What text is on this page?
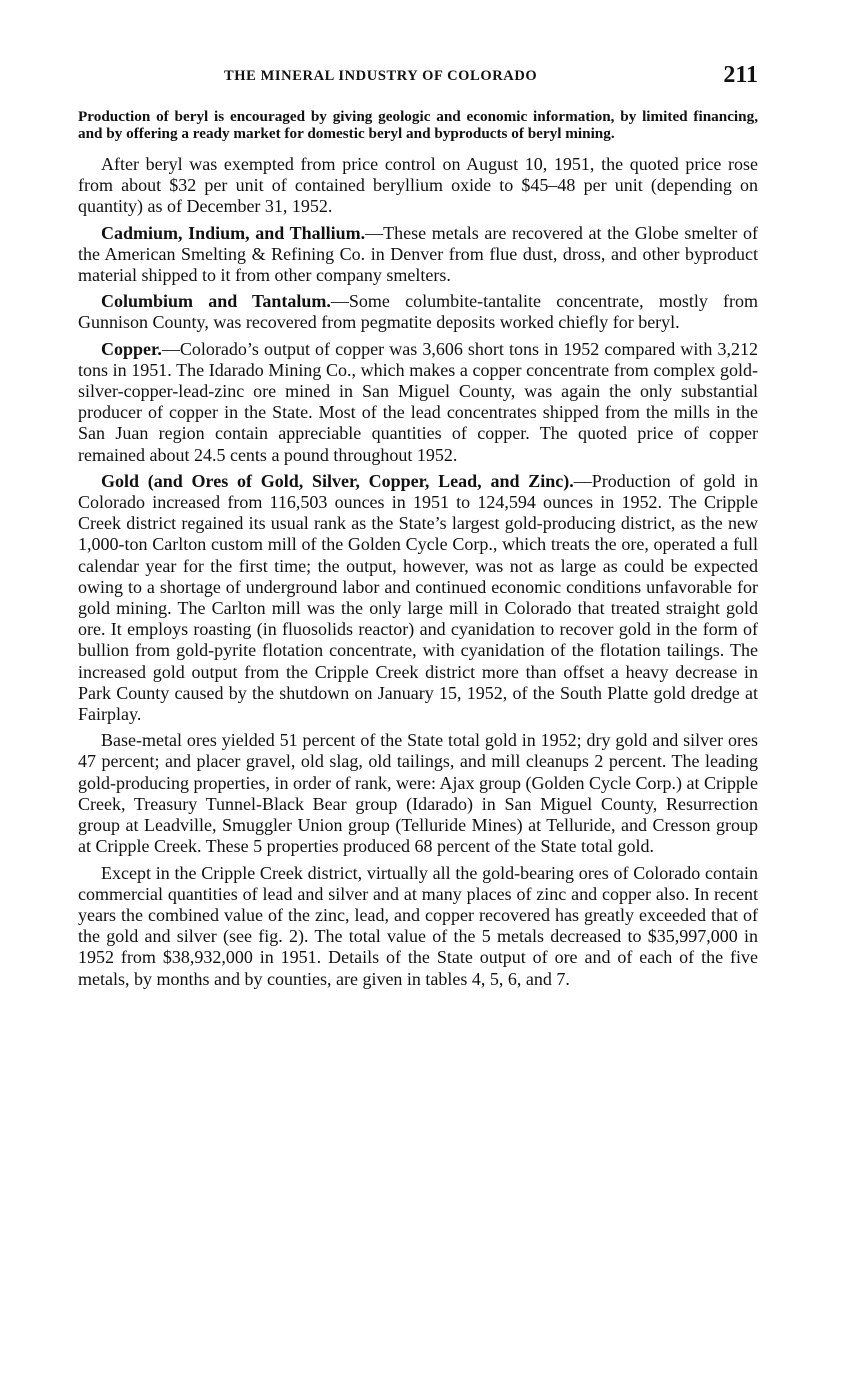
THE MINERAL INDUSTRY OF COLORADO	211

Production of beryl is encouraged by giving geologic and economic information, by limited financing, and by offering a ready market for domestic beryl and byproducts of beryl mining.

After beryl was exempted from price control on August 10, 1951, the quoted price rose from about $32 per unit of contained beryllium oxide to $45–48 per unit (depending on quantity) as of December 31, 1952.

Cadmium, Indium, and Thallium.—These metals are recovered at the Globe smelter of the American Smelting & Refining Co. in Denver from flue dust, dross, and other byproduct material shipped to it from other company smelters.

Columbium and Tantalum.—Some columbite-tantalite concentrate, mostly from Gunnison County, was recovered from pegmatite deposits worked chiefly for beryl.

Copper.—Colorado’s output of copper was 3,606 short tons in 1952 compared with 3,212 tons in 1951. The Idarado Mining Co., which makes a copper concentrate from complex gold-silver-copper-lead-zinc ore mined in San Miguel County, was again the only substantial producer of copper in the State. Most of the lead concentrates shipped from the mills in the San Juan region contain appreciable quantities of copper. The quoted price of copper remained about 24.5 cents a pound throughout 1952.

Gold (and Ores of Gold, Silver, Copper, Lead, and Zinc).—Production of gold in Colorado increased from 116,503 ounces in 1951 to 124,594 ounces in 1952. The Cripple Creek district regained its usual rank as the State’s largest gold-producing district, as the new 1,000-ton Carlton custom mill of the Golden Cycle Corp., which treats the ore, operated a full calendar year for the first time; the output, however, was not as large as could be expected owing to a shortage of underground labor and continued economic conditions unfavorable for gold mining. The Carlton mill was the only large mill in Colorado that treated straight gold ore. It employs roasting (in fluosolids reactor) and cyanidation to recover gold in the form of bullion from gold-pyrite flotation concentrate, with cyanidation of the flotation tailings. The increased gold output from the Cripple Creek district more than offset a heavy decrease in Park County caused by the shutdown on January 15, 1952, of the South Platte gold dredge at Fairplay.

Base-metal ores yielded 51 percent of the State total gold in 1952; dry gold and silver ores 47 percent; and placer gravel, old slag, old tailings, and mill cleanups 2 percent. The leading gold-producing properties, in order of rank, were: Ajax group (Golden Cycle Corp.) at Cripple Creek, Treasury Tunnel-Black Bear group (Idarado) in San Miguel County, Resurrection group at Leadville, Smuggler Union group (Telluride Mines) at Telluride, and Cresson group at Cripple Creek. These 5 properties produced 68 percent of the State total gold.

Except in the Cripple Creek district, virtually all the gold-bearing ores of Colorado contain commercial quantities of lead and silver and at many places of zinc and copper also. In recent years the combined value of the zinc, lead, and copper recovered has greatly exceeded that of the gold and silver (see fig. 2). The total value of the 5 metals decreased to $35,997,000 in 1952 from $38,932,000 in 1951. Details of the State output of ore and of each of the five metals, by months and by counties, are given in tables 4, 5, 6, and 7.
